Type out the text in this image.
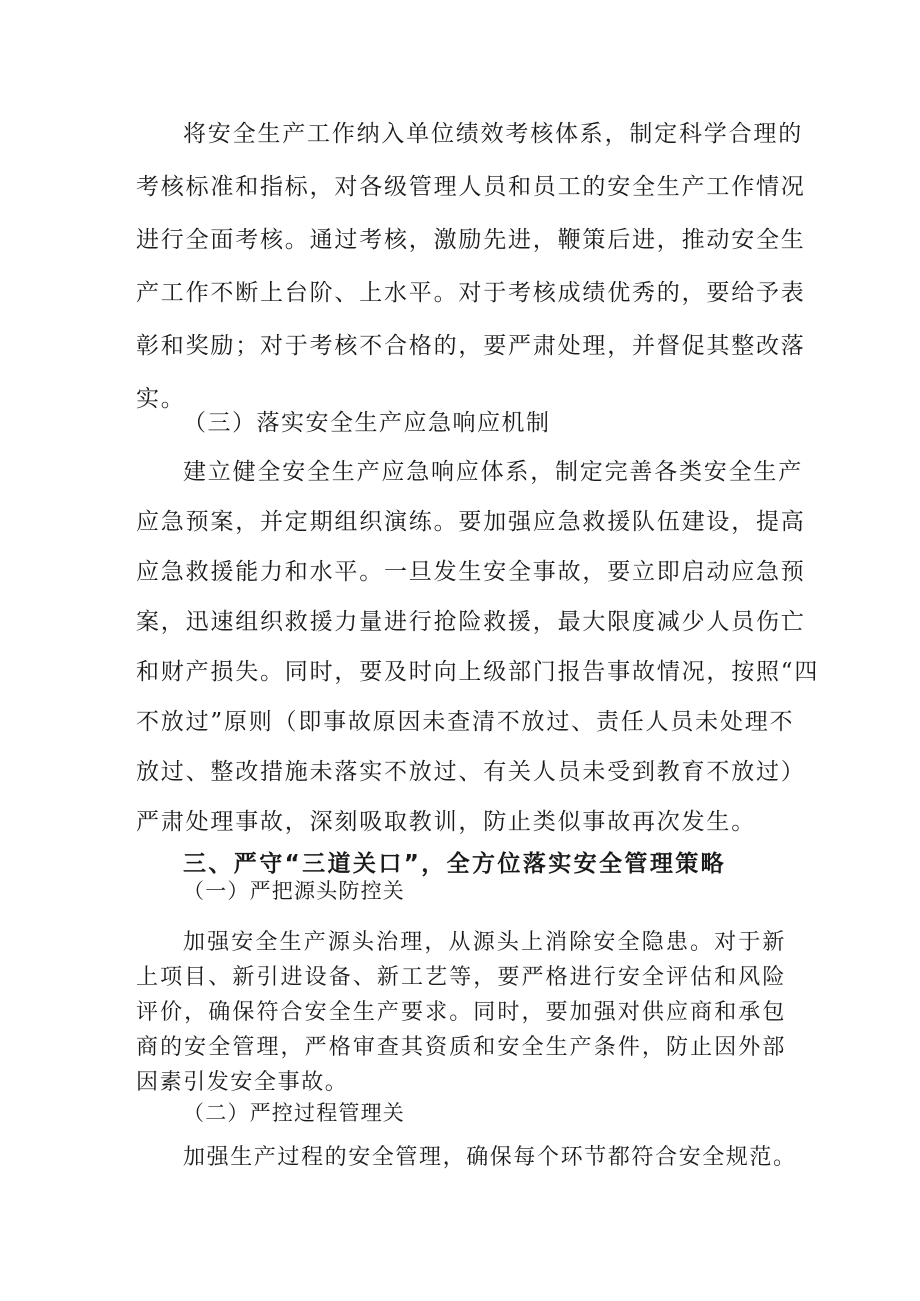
将安全生产工作纳入单位绩效考核体系，制定科学合理的
考核标准和指标，对各级管理人员和员工的安全生产工作情况
进行全面考核。通过考核，激励先进，鞭策后进，推动安全生
产工作不断上台阶、上水平。对于考核成绩优秀的，要给予表
彰和奖励；对于考核不合格的，要严肃处理，并督促其整改落
实。

（三）落实安全生产应急响应机制

建立健全安全生产应急响应体系，制定完善各类安全生产
应急预案，并定期组织演练。要加强应急救援队伍建设，提高
应急救援能力和水平。一旦发生安全事故，要立即启动应急预
案，迅速组织救援力量进行抢险救援，最大限度减少人员伤亡
和财产损失。同时，要及时向上级部门报告事故情况，按照“四
不放过”原则（即事故原因未查清不放过、责任人员未处理不
放过、整改措施未落实不放过、有关人员未受到教育不放过）
严肃处理事故，深刻吸取教训，防止类似事故再次发生。

三、严守“三道关口”，全方位落实安全管理策略

（一）严把源头防控关

加强安全生产源头治理，从源头上消除安全隐患。对于新
上项目、新引进设备、新工艺等，要严格进行安全评估和风险
评价，确保符合安全生产要求。同时，要加强对供应商和承包
商的安全管理，严格审查其资质和安全生产条件，防止因外部
因素引发安全事故。

（二）严控过程管理关

加强生产过程的安全管理，确保每个环节都符合安全规范。
